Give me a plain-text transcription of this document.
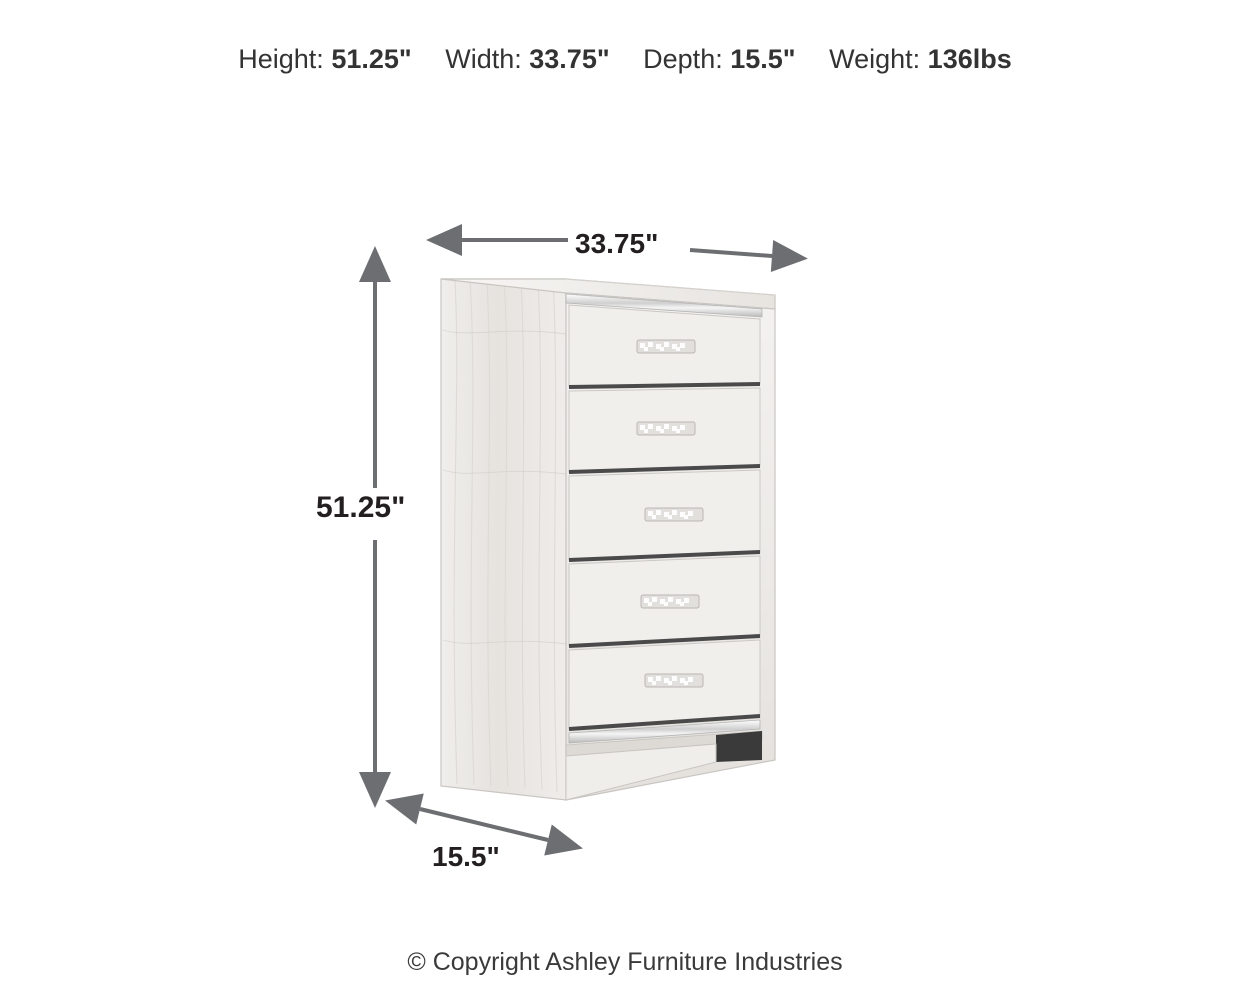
Height: 51.25" Width: 33.75" Depth: 15.5" Weight: 136lbs
33.75"
51.25"
15.5"
© Copyright Ashley Furniture Industries
